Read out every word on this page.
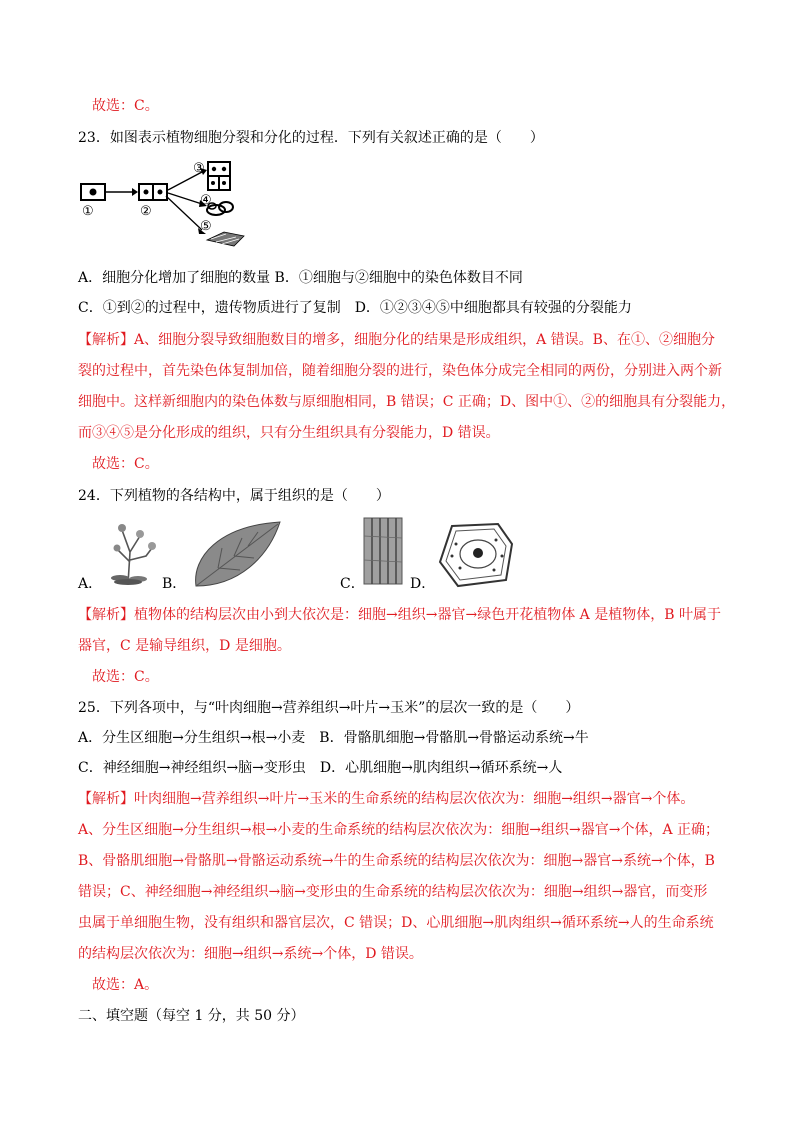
故选：C。
23．如图表示植物细胞分裂和分化的过程．下列有关叙述正确的是（　　）
①	②
③
④
⑤
A．细胞分化增加了细胞的数量 B．①细胞与②细胞中的染色体数目不同
C．①到②的过程中，遗传物质进行了复制　D．①②③④⑤中细胞都具有较强的分裂能力
【解析】A、细胞分裂导致细胞数目的增多，细胞分化的结果是形成组织，A 错误。B、在①、②细胞分
裂的过程中，首先染色体复制加倍，随着细胞分裂的进行，染色体分成完全相同的两份，分别进入两个新
细胞中。这样新细胞内的染色体数与原细胞相同，B 错误；C 正确；D、图中①、②的细胞具有分裂能力，
而③④⑤是分化形成的组织，只有分生组织具有分裂能力，D 错误。
故选：C。
24．下列植物的各结构中，属于组织的是（　　）
A．	B．	C．	D．
【解析】植物体的结构层次由小到大依次是：细胞→组织→器官→绿色开花植物体 A 是植物体，B 叶属于
器官，C 是输导组织，D 是细胞。
故选：C。
25．下列各项中，与“叶肉细胞→营养组织→叶片→玉米”的层次一致的是（　　）
A．分生区细胞→分生组织→根→小麦　B．骨骼肌细胞→骨骼肌→骨骼运动系统→牛
C．神经细胞→神经组织→脑→变形虫　D．心肌细胞→肌肉组织→循环系统→人
【解析】叶肉细胞→营养组织→叶片→玉米的生命系统的结构层次依次为：细胞→组织→器官→个体。
A、分生区细胞→分生组织→根→小麦的生命系统的结构层次依次为：细胞→组织→器官→个体，A 正确；
B、骨骼肌细胞→骨骼肌→骨骼运动系统→牛的生命系统的结构层次依次为：细胞→器官→系统→个体，B
错误；C、神经细胞→神经组织→脑→变形虫的生命系统的结构层次依次为：细胞→组织→器官，而变形
虫属于单细胞生物，没有组织和器官层次，C 错误；D、心肌细胞→肌肉组织→循环系统→人的生命系统
的结构层次依次为：细胞→组织→系统→个体，D 错误。
故选：A。
二、填空题（每空 1 分，共 50 分）
